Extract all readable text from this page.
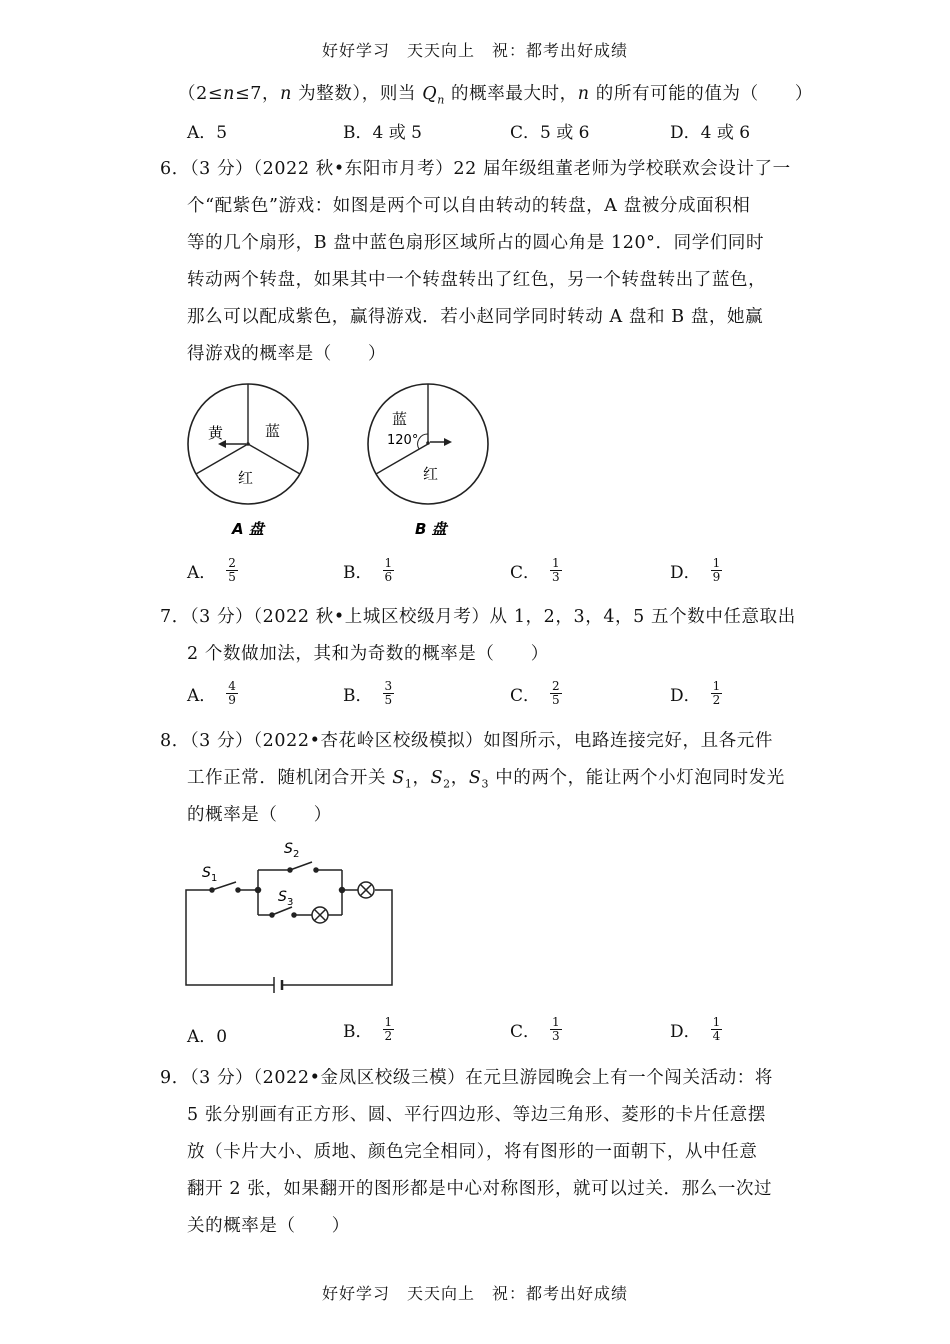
好好学习　天天向上　祝：都考出好成绩
（2≤n≤7，n 为整数），则当 $Q_n$ 的概率最大时，n 的所有可能的值为（　　）
A．5	B．4 或 5	C．5 或 6	D．4 或 6
6．（3 分）（2022 秋•东阳市月考）22 届年级组董老师为学校联欢会设计了一
个“配紫色”游戏：如图是两个可以自由转动的转盘，A 盘被分成面积相
等的几个扇形，B 盘中蓝色扇形区域所占的圆心角是 120°．同学们同时
转动两个转盘，如果其中一个转盘转出了红色，另一个转盘转出了蓝色，
那么可以配成紫色，赢得游戏．若小赵同学同时转动 A 盘和 B 盘，她赢
得游戏的概率是（　　）
黄	蓝
红
A 盘
蓝
120°
红
B 盘
A． $\frac{2}{5}$	B． $\frac{1}{6}$	C． $\frac{1}{3}$	D． $\frac{1}{9}$
7．（3 分）（2022 秋•上城区校级月考）从 1，2，3，4，5 五个数中任意取出
2 个数做加法，其和为奇数的概率是（　　）
A． $\frac{4}{9}$	B． $\frac{3}{5}$	C． $\frac{2}{5}$	D． $\frac{1}{2}$
8．（3 分）（2022•杏花岭区校级模拟）如图所示，电路连接完好，且各元件
工作正常．随机闭合开关 $S_1$，$S_2$，$S_3$ 中的两个，能让两个小灯泡同时发光
的概率是（　　）
S 1
S 2
S 3
A．0	B． $\frac{1}{2}$	C． $\frac{1}{3}$	D． $\frac{1}{4}$
9．（3 分）（2022•金凤区校级三模）在元旦游园晚会上有一个闯关活动：将
5 张分别画有正方形、圆、平行四边形、等边三角形、菱形的卡片任意摆
放（卡片大小、质地、颜色完全相同），将有图形的一面朝下，从中任意
翻开 2 张，如果翻开的图形都是中心对称图形，就可以过关．那么一次过
关的概率是（　　）
好好学习　天天向上　祝：都考出好成绩
